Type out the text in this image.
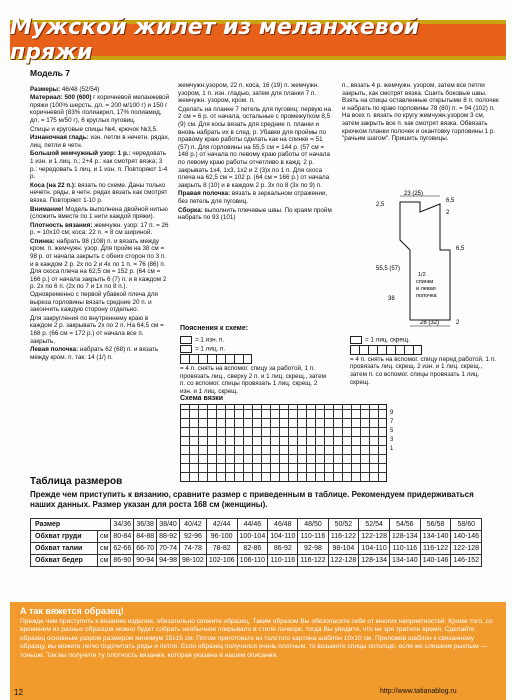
Мужской жилет из меланжевой пряжи
Модель 7

Размеры: 46/48 (52/54)

Материал: 500 (600) г коричневой меланжевой пряжи (100% шерсть, дл. = 200 м/100 г) и 150 г коричневой (83% полиакрил, 17% полиамид, дл. = 175 м/50 г), 6 круглых пуговиц.

Спицы и круговые спицы №4, крючок №3,5.

Изнаночная гладь: изн. петли в нечетн. рядах, лиц. петли в четн.

Большой жемчужный узор: 1 р.: чередовать 1 изн. и 1 лиц. п.; 2+4 р.: как смотрят вязка; 3 р.: чередовать 1 лиц. и 1 изн. п. Повторяют 1-4 р.

Коса (на 22 п.): вязать по схеме. Даны только нечетн. ряды, в четн. рядах вязать как смотрят вязка. Повторяют 1-10 р.

Внимание! Модель выполнена двойной нитью (сложить вместе по 1 нити каждой пряжи).

Плотность вязания: жемчужн. узор: 17 п. = 26 р. = 10х10 см; коса: 22 п. = 8 см шириной.

Спинка: набрать 98 (108) п. и вязать между кром. п. жемчужн. узор. Для пройм на 38 см = 98 р. от начала закрыть с обеих сторон по 3 п. и в каждом 2 р. 2х по 2 и 4х по 1 п. = 76 (86) п. Для скоса плеча на 62,5 см = 152 р. (64 см = 166 р.) от начала закрыть 6 (7) п. и в каждом 2 р. 2х по 6 п. (2х по 7 и 1х по 8 п.). Одновременно с первой убавкой плеча для выреза горловины вязать средние 20 п. и закончить каждую сторону отдельно.

Для закругления по внутреннему краю в каждом 2 р. закрывать 2х по 2 п. На 64,5 см = 168 р. (66 см = 172 р.) от начала все п. закрыть.

Левая полочка: набрать 62 (68) п. и вязать между кром. п. так: 14 (1/) п.

жемчужн.узором, 22 п. коса, 16 (19) п. жемчужн. узором, 1 п. изн. гладью, затем для планки 7 п. жемчужн. узором, кром. п.

Сделать на планке 7 петель для пуговиц: первую на 2 см = 6 р. от начала, остальные с промежутком 8,5 (9) см. Для косы вязать для средние п. планки и вновь набрать их в след. р. Убавки для проймы по правому краю работы сделать как на спинке = 51 (57) п. Для горловины на 55,5 см = 144 р. (57 см = 148 р.) от начала по левому краю работы от начала по левому краю работы отчетливо в кажд. 2 р. закрывать 1х4, 1х3, 1х2 и 2 (3)х по 1 п. Для скоса плеча на 62,5 см = 102 р. (64 см = 166 р.) от начала закрыть 8 (10) и в каждом 2 р. 3х по 8 (3х по 9) п.

Правая полочка: вязать в зеркальном отражении, без петель для пуговиц.

Сборка: выполнить плечевые швы. По краям пройм набрать по 93 (101)

п., вязать 4 р. жемчужн. узором, затем все петли закрыть, как смотрят вязка. Сшить боковые швы. Взять на спицы оставленные открытыми 8 п. полочек и набрать по краю горловины 78 (80) п. = 94 (102) п. На всех п. вязать по кругу жемчужн.узором 3 см, затем закрыть все п. как смотрят вязка. Обвязать крючком планки полочек и окантовку горловины 1 р. "рачьим шагом". Пришить пуговицы.

23 (25)
6,5
2
2,5
55,5 (57)
38
1/2
спинки
и левая
полочка
28 (32)
6,5
2
Пояснения к схеме:

= 1 изн. п.

= 1 лиц. п.

= 4 п. снять на вспомог. спицу за работой, 1 п. провязать лиц., сверху 2 п. и 1 лиц. скрещ., затем п. со вспомог. спицы провязать 1 лиц. скрещ. 2 изн. и 1 лиц. скрещ.

= 1 лиц. скрещ.

= 4 п. снять на вспомог. спицу перед работой, 1 п. провязать лиц. скрещ. 2 изн. и 1 лиц. скрещ., затем п. со вспомог. спицы провязать 1 лиц. скрещ.

Схема вязки
9
7
5
3
1
Таблица размеров
Прежде чем приступить к вязанию, сравните размер с приведенным в таблице. Рекомендуем придерживаться наших данных. Размер указан для роста 168 см (женщины).
Размер		34/36	36/38	38/40	40/42	42/44	44/46	46/48	48/50	50/52	52/54	54/56	56/58	58/60
Обхват груди	см	80-84	84-88	88-92	92-96	96-100	100-104	104-110	110-116	116-122	122-128	128-134	134-140	140-146
Обхват талии	см	62-66	66-70	70-74	74-78	78-82	82-86	86-92	92-98	98-104	104-110	110-116	116-122	122-128
Обхват бедер	см	86-90	90-94	94-98	98-102	102-106	106-110	110-116	116-122	122-128	128-134	134-140	140-146	146-152
А так вяжется образец!
Прежде чем приступить к вязанию изделия, обязательно свяжите образец. Таким образом Вы обезопасите себя от многих неприятностей. Кроме того, со временем из разных образцов можно будет собрать необычное покрывало в стиле пэчворк, тогда Вы увидите, что не зря тратили время. Сделайте образец основным узором размером минимум 15х15 см. Потом приготовьте из толстого картона шаблон 10х10 см. Приложив шаблон к связанному образцу, вы можете легко подсчитать ряды и петли. Если образец получился очень плотным, то возьмите спицы потолще, если же слишком рыхлым — тоньше. Так вы получите ту плотность вязания, которая указана в нашем описании.
12	http://www.tatianablog.ru
